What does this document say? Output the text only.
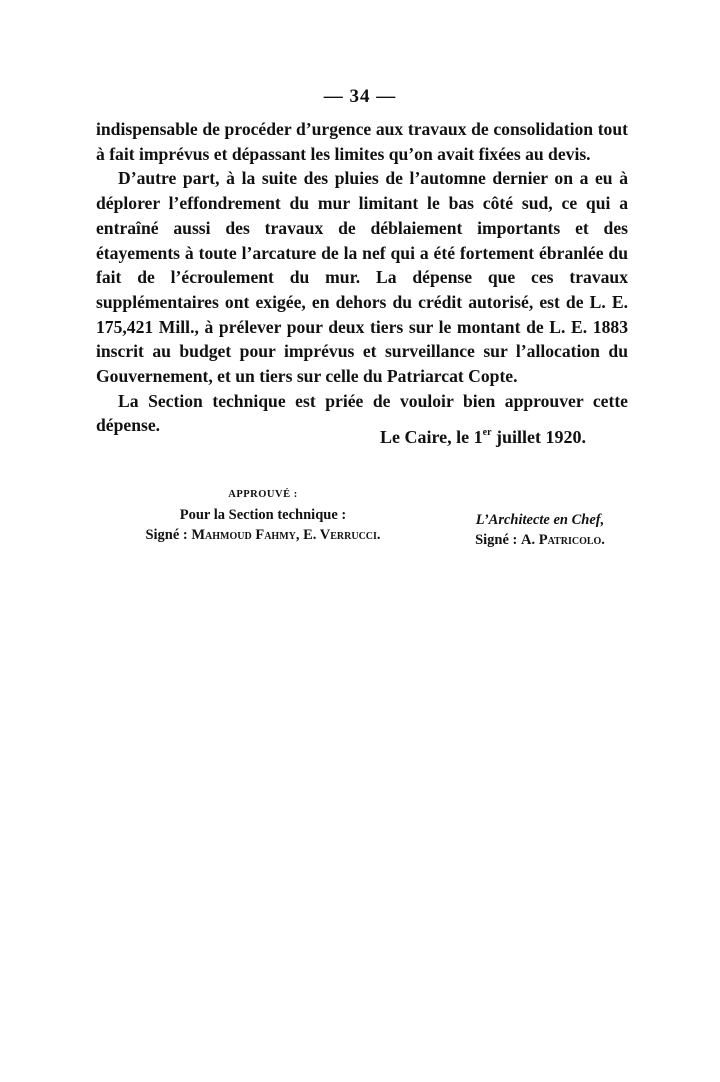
— 34 —

indispensable de procéder d’urgence aux travaux de consolidation tout à fait imprévus et dépassant les limites qu’on avait fixées au devis.

D’autre part, à la suite des pluies de l’automne dernier on a eu à déplorer l’effondrement du mur limitant le bas côté sud, ce qui a entraîné aussi des travaux de déblaiement importants et des étayements à toute l’arcature de la nef qui a été fortement ébranlée du fait de l’écroulement du mur. La dépense que ces travaux supplémentaires ont exigée, en dehors du crédit autorisé, est de L. E. 175,421 Mill., à prélever pour deux tiers sur le montant de L. E. 1883 inscrit au budget pour imprévus et surveillance sur l’allocation du Gouvernement, et un tiers sur celle du Patriarcat Copte.

La Section technique est priée de vouloir bien approuver cette dépense.

Le Caire, le 1er juillet 1920.
APPROUVÉ :
Pour la Section technique :
Signé : Mahmoud Fahmy, E. Verrucci.
L’Architecte en Chef,
Signé : A. Patricolo.
